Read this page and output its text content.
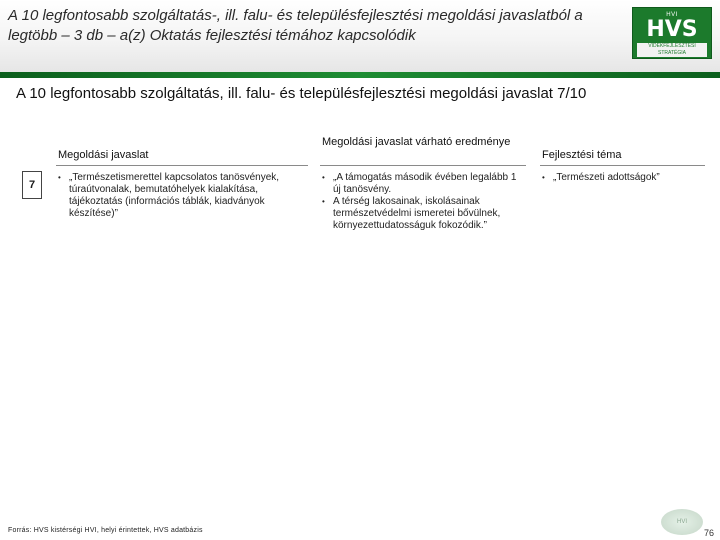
A 10 legfontosabb szolgáltatás-, ill. falu- és településfejlesztési megoldási javaslatból a legtöbb – 3 db – a(z) Oktatás fejlesztési témához kapcsolódik
HVI
HVS
VIDÉKFEJLESZTÉSI STRATÉGIA
A 10 legfontosabb szolgáltatás, ill. falu- és településfejlesztési megoldási javaslat 7/10
Megoldási javaslat
Megoldási javaslat várható eredménye
Fejlesztési téma
7
• „Természetismerettel kapcsolatos tanösvények, túraútvonalak, bemutatóhelyek kialakítása, tájékoztatás (információs táblák, kiadványok készítése)”
• „A támogatás második évében legalább 1 új tanösvény.
• A térség lakosainak, iskolásainak természetvédelmi ismeretei bővülnek, környezettudatosságuk fokozódik.”
• „Természeti adottságok”
Forrás: HVS kistérségi HVI, helyi érintettek, HVS adatbázis
HVI
76
